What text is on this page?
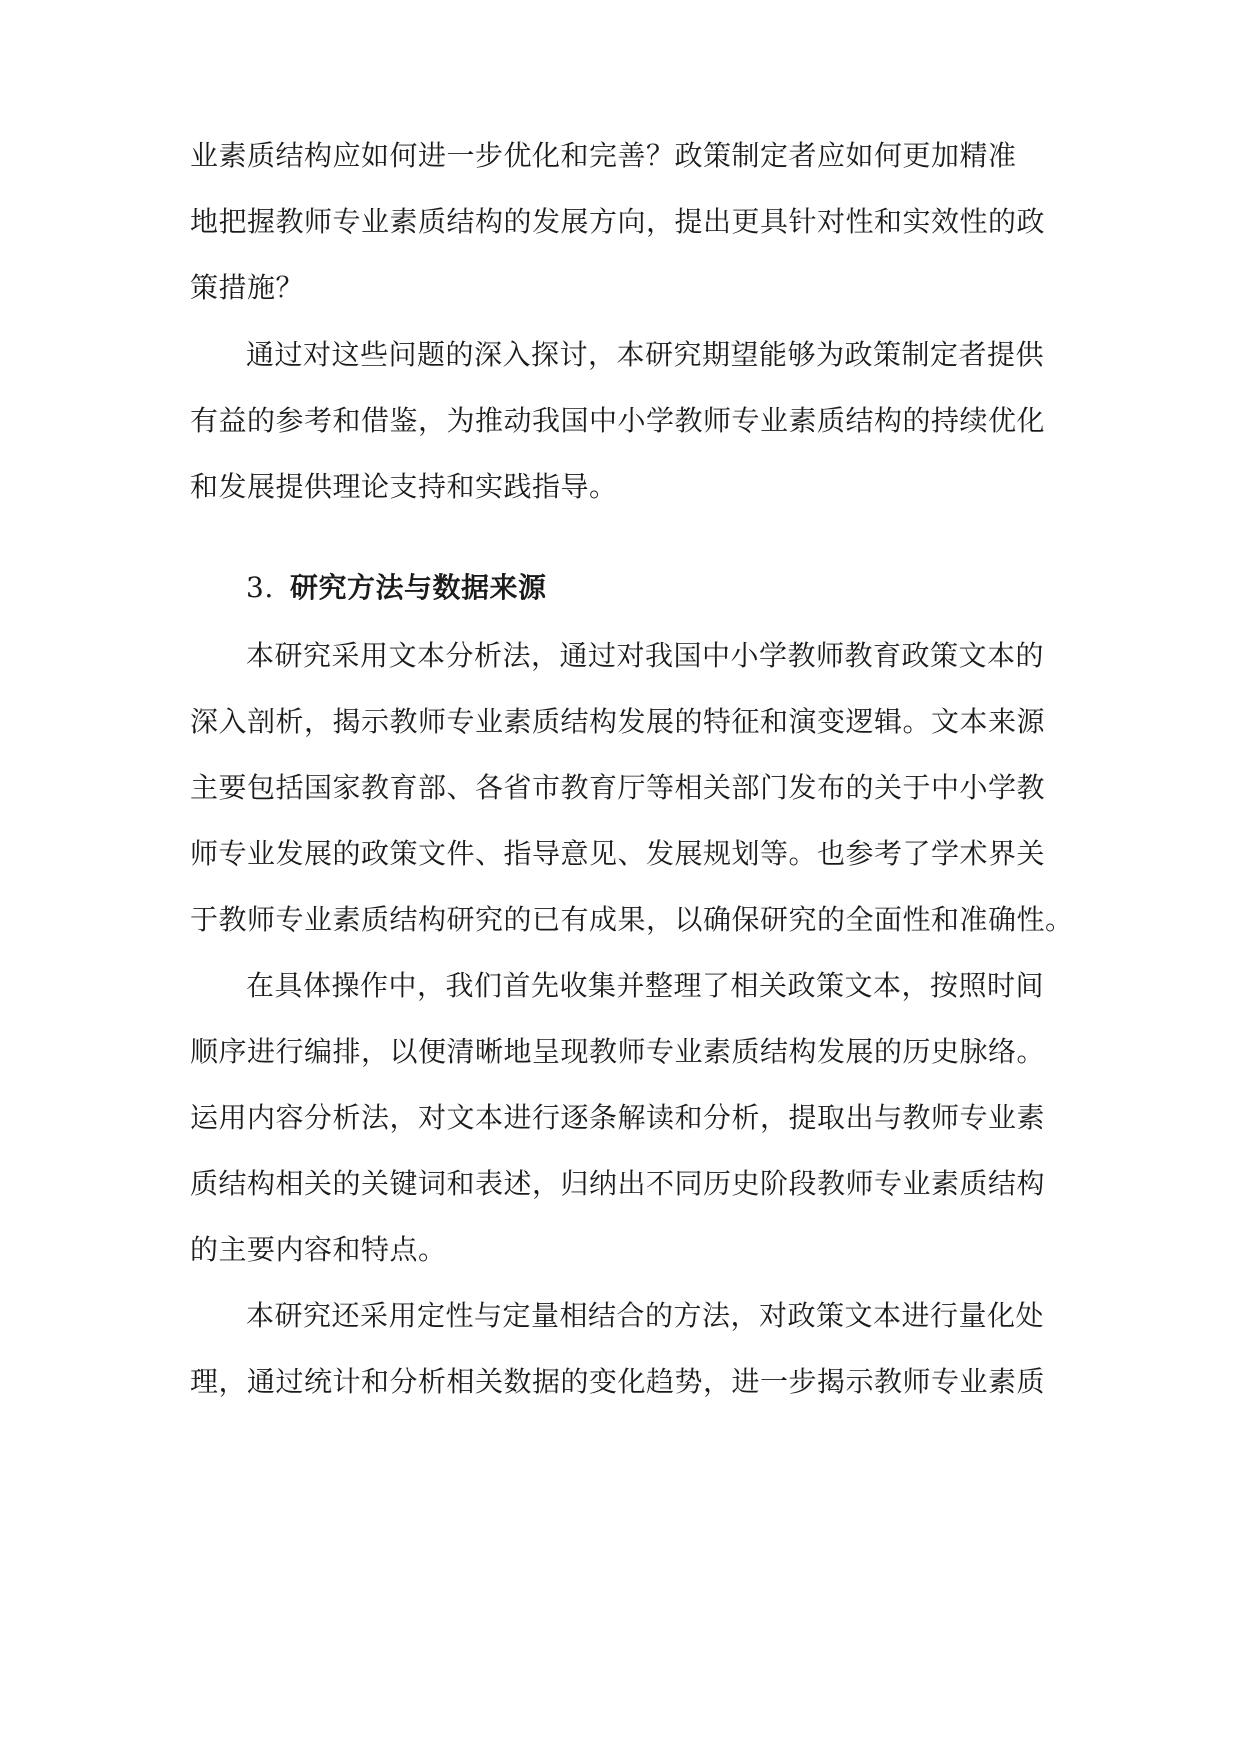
业素质结构应如何进一步优化和完善？政策制定者应如何更加精准
地把握教师专业素质结构的发展方向，提出更具针对性和实效性的政
策措施？
通过对这些问题的深入探讨，本研究期望能够为政策制定者提供
有益的参考和借鉴，为推动我国中小学教师专业素质结构的持续优化
和发展提供理论支持和实践指导。
3. 研究方法与数据来源
本研究采用文本分析法，通过对我国中小学教师教育政策文本的
深入剖析，揭示教师专业素质结构发展的特征和演变逻辑。文本来源
主要包括国家教育部、各省市教育厅等相关部门发布的关于中小学教
师专业发展的政策文件、指导意见、发展规划等。也参考了学术界关
于教师专业素质结构研究的已有成果，以确保研究的全面性和准确性。
在具体操作中，我们首先收集并整理了相关政策文本，按照时间
顺序进行编排，以便清晰地呈现教师专业素质结构发展的历史脉络。
运用内容分析法，对文本进行逐条解读和分析，提取出与教师专业素
质结构相关的关键词和表述，归纳出不同历史阶段教师专业素质结构
的主要内容和特点。
本研究还采用定性与定量相结合的方法，对政策文本进行量化处
理，通过统计和分析相关数据的变化趋势，进一步揭示教师专业素质
